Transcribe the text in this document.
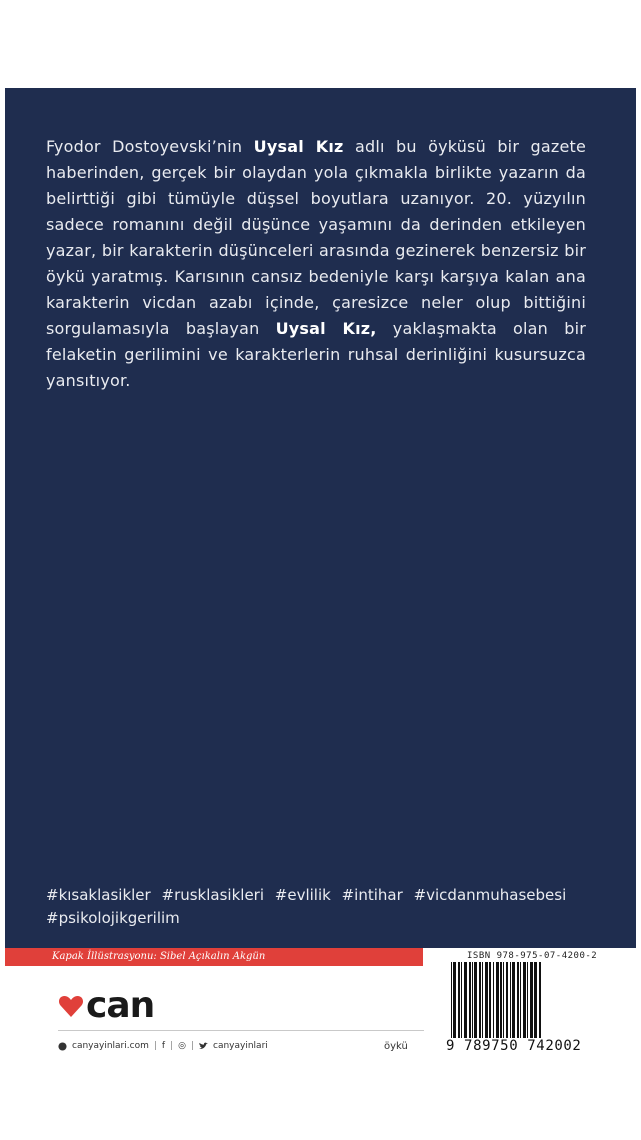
Fyodor Dostoyevski’nin Uysal Kız adlı bu öyküsü bir gazete haberinden, gerçek bir olaydan yola çıkmakla birlikte yazarın da belirttiği gibi tümüyle düşsel boyutlara uzanıyor. 20. yüzyılın sadece romanını değil düşünce yaşamını da derinden etkileyen yazar, bir karakterin düşünceleri arasında gezinerek benzersiz bir öykü yaratmış. Karısının cansız bedeniyle karşı karşıya kalan ana karakterin vicdan azabı içinde, çaresizce neler olup bittiğini sorgulamasıyla başlayan Uysal Kız, yaklaşmakta olan bir felaketin gerilimini ve karakterlerin ruhsal derinliğini kusursuzca yansıtıyor.
#kısaklasikler #rusklasikleri #evlilik #intihar #vicdanmuhasebesi
#psikolojikgerilim
Kapak İllüstrasyonu: Sibel Açıkalın Akgün
can
canyayinlari.com | f | ◎ | canyayinlari	öykü
ISBN 978-975-07-4200-2
9 789750 742002
